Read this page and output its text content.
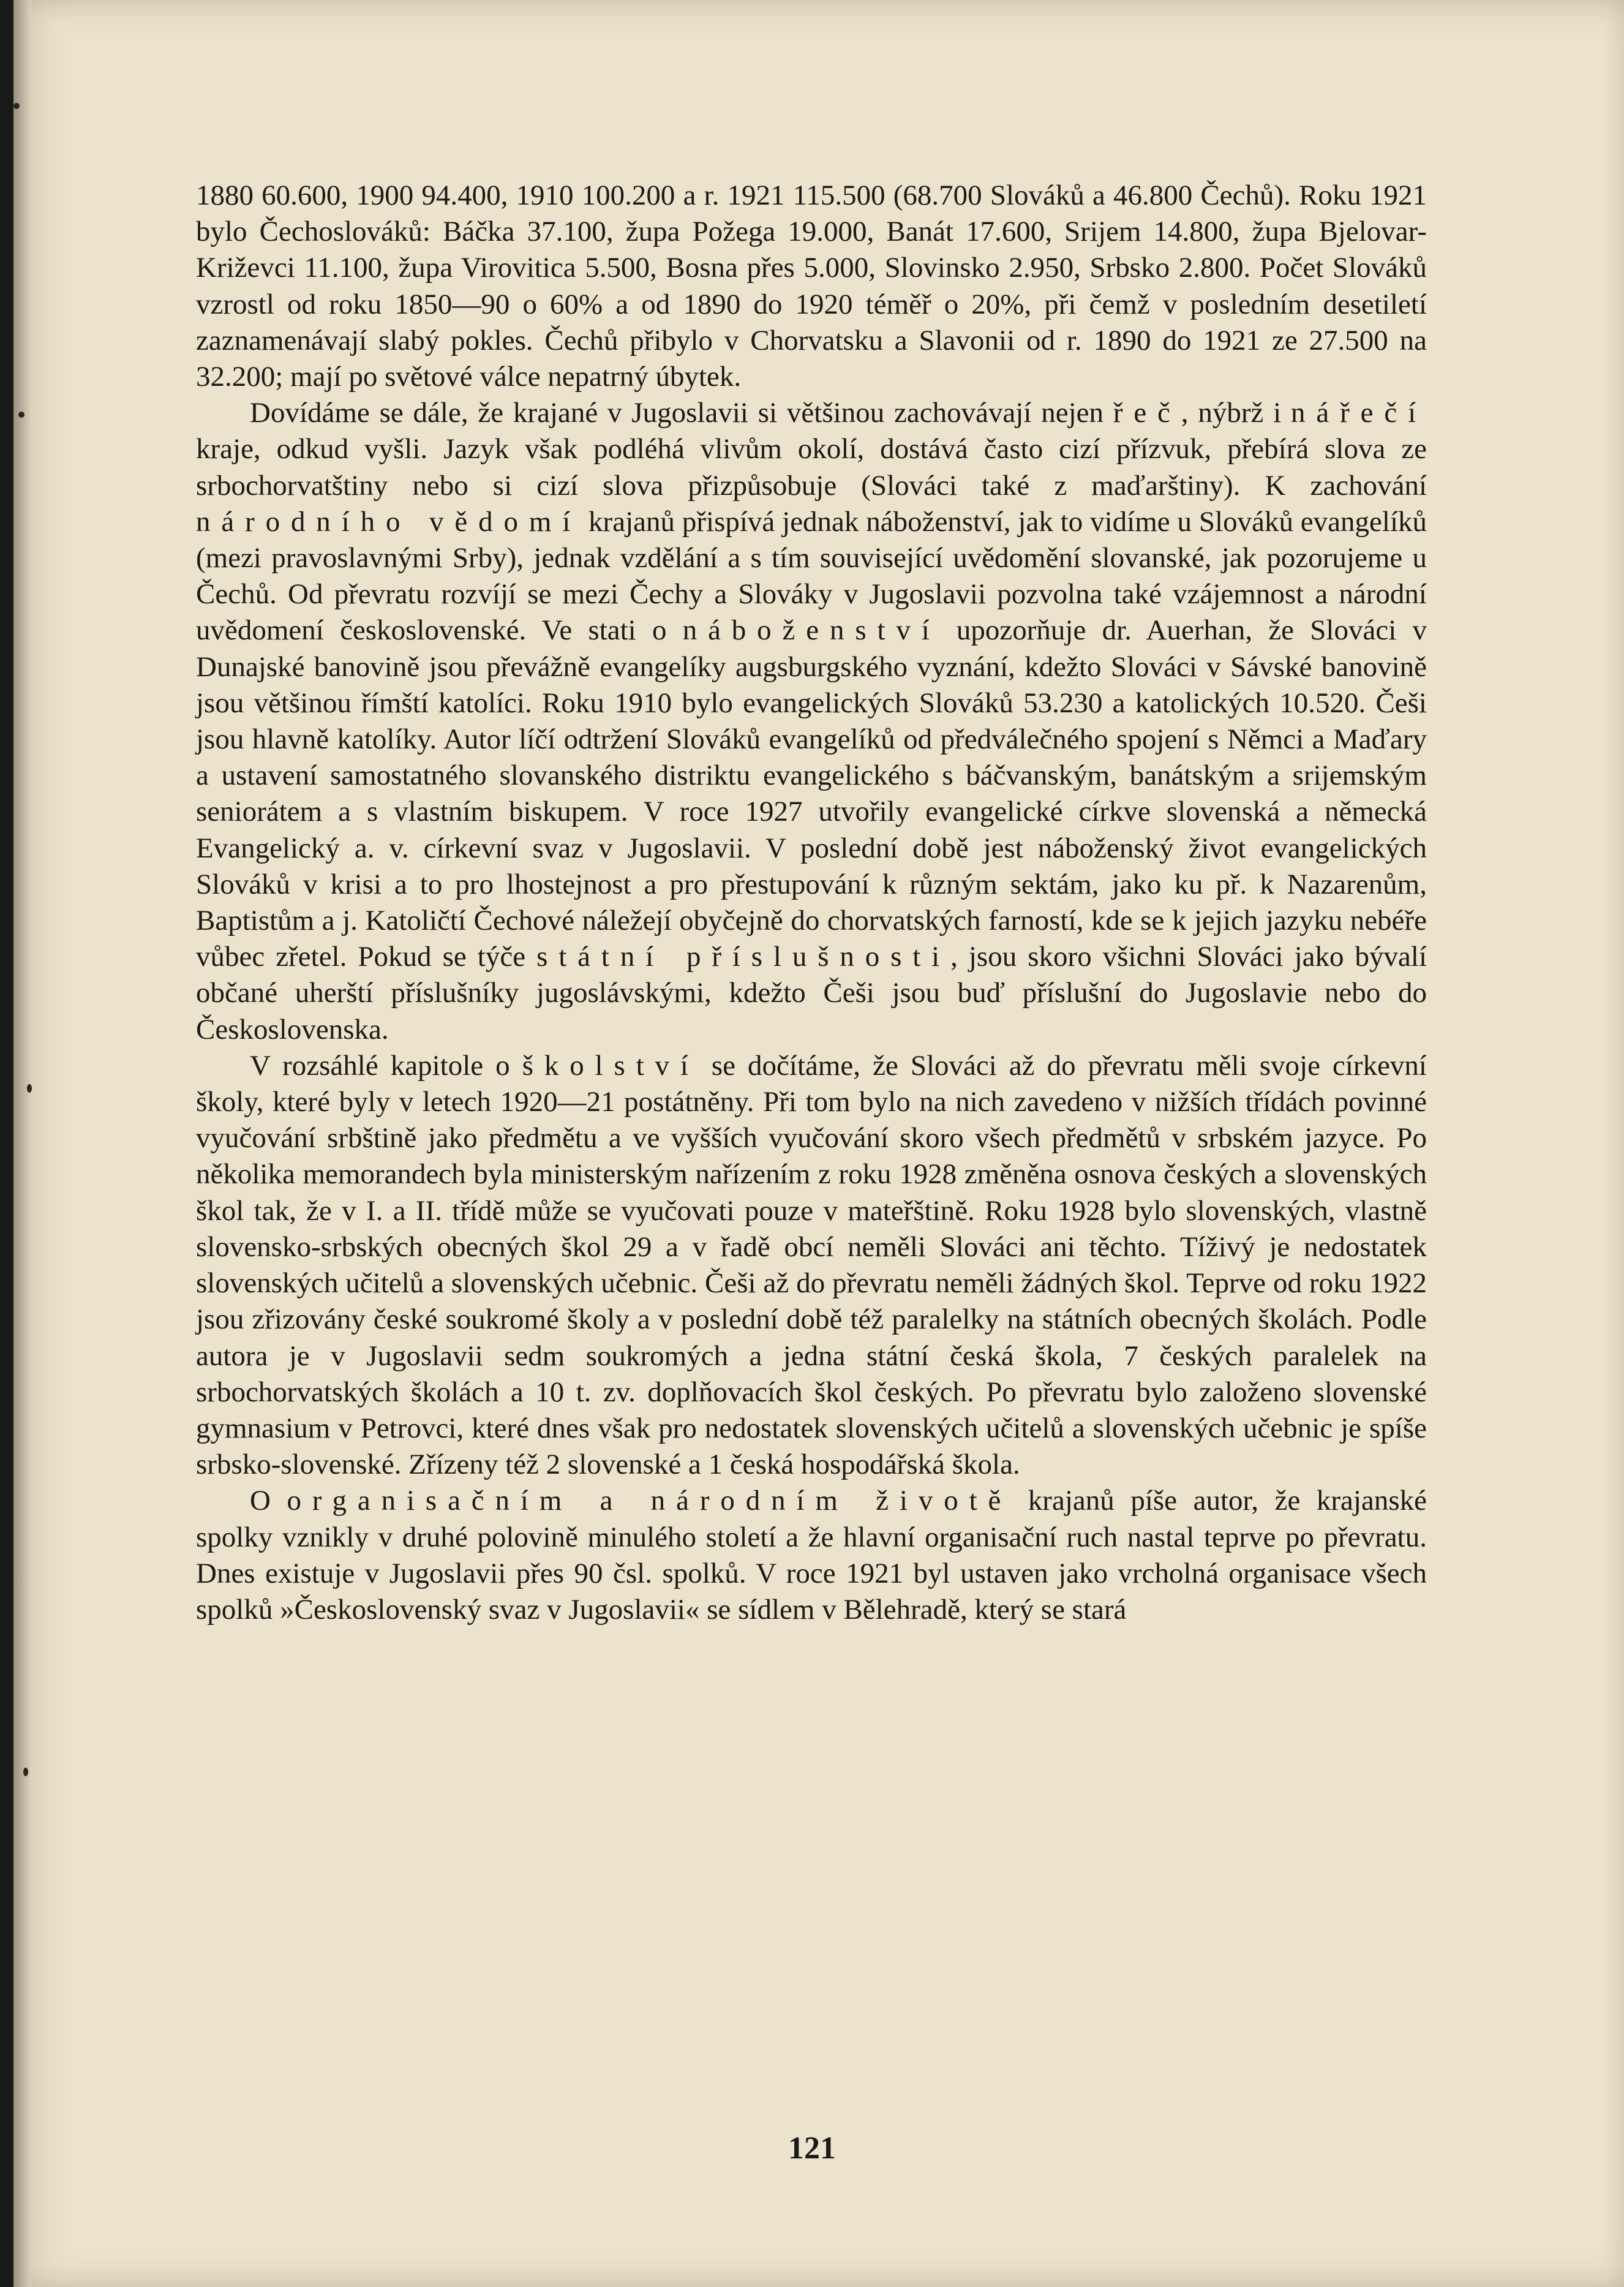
1880 60.600, 1900 94.400, 1910 100.200 a r. 1921 115.500 (68.700 Slováků a 46.800 Čechů). Roku 1921 bylo Čechoslováků: Báčka 37.100, župa Požega 19.000, Banát 17.600, Srijem 14.800, župa Bjelovar-Križevci 11.100, župa Virovitica 5.500, Bosna přes 5.000, Slovinsko 2.950, Srbsko 2.800. Počet Slováků vzrostl od roku 1850—90 o 60% a od 1890 do 1920 téměř o 20%, při čemž v posledním desetiletí zaznamenávají slabý pokles. Čechů přibylo v Chorvatsku a Slavonii od r. 1890 do 1921 ze 27.500 na 32.200; mají po světové válce nepatrný úbytek.

Dovídáme se dále, že krajané v Jugoslavii si většinou zachovávají nejen řeč, nýbrž i nářečí kraje, odkud vyšli. Jazyk však podléhá vlivům okolí, dostává často cizí přízvuk, přebírá slova ze srbochorvatštiny nebo si cizí slova přizpůsobuje (Slováci také z maďarštiny). K zachování národního vědomí krajanů přispívá jednak náboženství, jak to vidíme u Slováků evangelíků (mezi pravoslavnými Srby), jednak vzdělání a s tím související uvědomění slovanské, jak pozorujeme u Čechů. Od převratu rozvíjí se mezi Čechy a Slováky v Jugoslavii pozvolna také vzájemnost a národní uvědomení československé. Ve stati o náboženství upozorňuje dr. Auerhan, že Slováci v Dunajské banovině jsou převážně evangelíky augsburgského vyznání, kdežto Slováci v Sávské banovině jsou většinou římští katolíci. Roku 1910 bylo evangelických Slováků 53.230 a katolických 10.520. Češi jsou hlavně katolíky. Autor líčí odtržení Slováků evangelíků od předválečného spojení s Němci a Maďary a ustavení samostatného slovanského distriktu evangelického s báčvanským, banátským a srijemským seniorátem a s vlastním biskupem. V roce 1927 utvořily evangelické církve slovenská a německá Evangelický a. v. církevní svaz v Jugoslavii. V poslední době jest náboženský život evangelických Slováků v krisi a to pro lhostejnost a pro přestupování k různým sektám, jako ku př. k Nazarenům, Baptistům a j. Katoličtí Čechové náležejí obyčejně do chorvatských farností, kde se k jejich jazyku nebéře vůbec zřetel. Pokud se týče státní příslušnosti, jsou skoro všichni Slováci jako bývalí občané uherští příslušníky jugoslávskými, kdežto Češi jsou buď příslušní do Jugoslavie nebo do Československa.

V rozsáhlé kapitole o školství se dočítáme, že Slováci až do převratu měli svoje církevní školy, které byly v letech 1920—21 postátněny. Při tom bylo na nich zavedeno v nižších třídách povinné vyučování srbštině jako předmětu a ve vyšších vyučování skoro všech předmětů v srbském jazyce. Po několika memorandech byla ministerským nařízením z roku 1928 změněna osnova českých a slovenských škol tak, že v I. a II. třídě může se vyučovati pouze v mateřštině. Roku 1928 bylo slovenských, vlastně slovensko-srbských obecných škol 29 a v řadě obcí neměli Slováci ani těchto. Tíživý je nedostatek slovenských učitelů a slovenských učebnic. Češi až do převratu neměli žádných škol. Teprve od roku 1922 jsou zřizovány české soukromé školy a v poslední době též paralelky na státních obecných školách. Podle autora je v Jugoslavii sedm soukromých a jedna státní česká škola, 7 českých paralelek na srbochorvatských školách a 10 t. zv. doplňovacích škol českých. Po převratu bylo založeno slovenské gymnasium v Petrovci, které dnes však pro nedostatek slovenských učitelů a slovenských učebnic je spíše srbsko-slovenské. Zřízeny též 2 slovenské a 1 česká hospodářská škola.

O organisačním a národním životě krajanů píše autor, že krajanské spolky vznikly v druhé polovině minulého století a že hlavní organisační ruch nastal teprve po převratu. Dnes existuje v Jugoslavii přes 90 čsl. spolků. V roce 1921 byl ustaven jako vrcholná organisace všech spolků »Československý svaz v Jugoslavii« se sídlem v Bělehradě, který se stará

121
